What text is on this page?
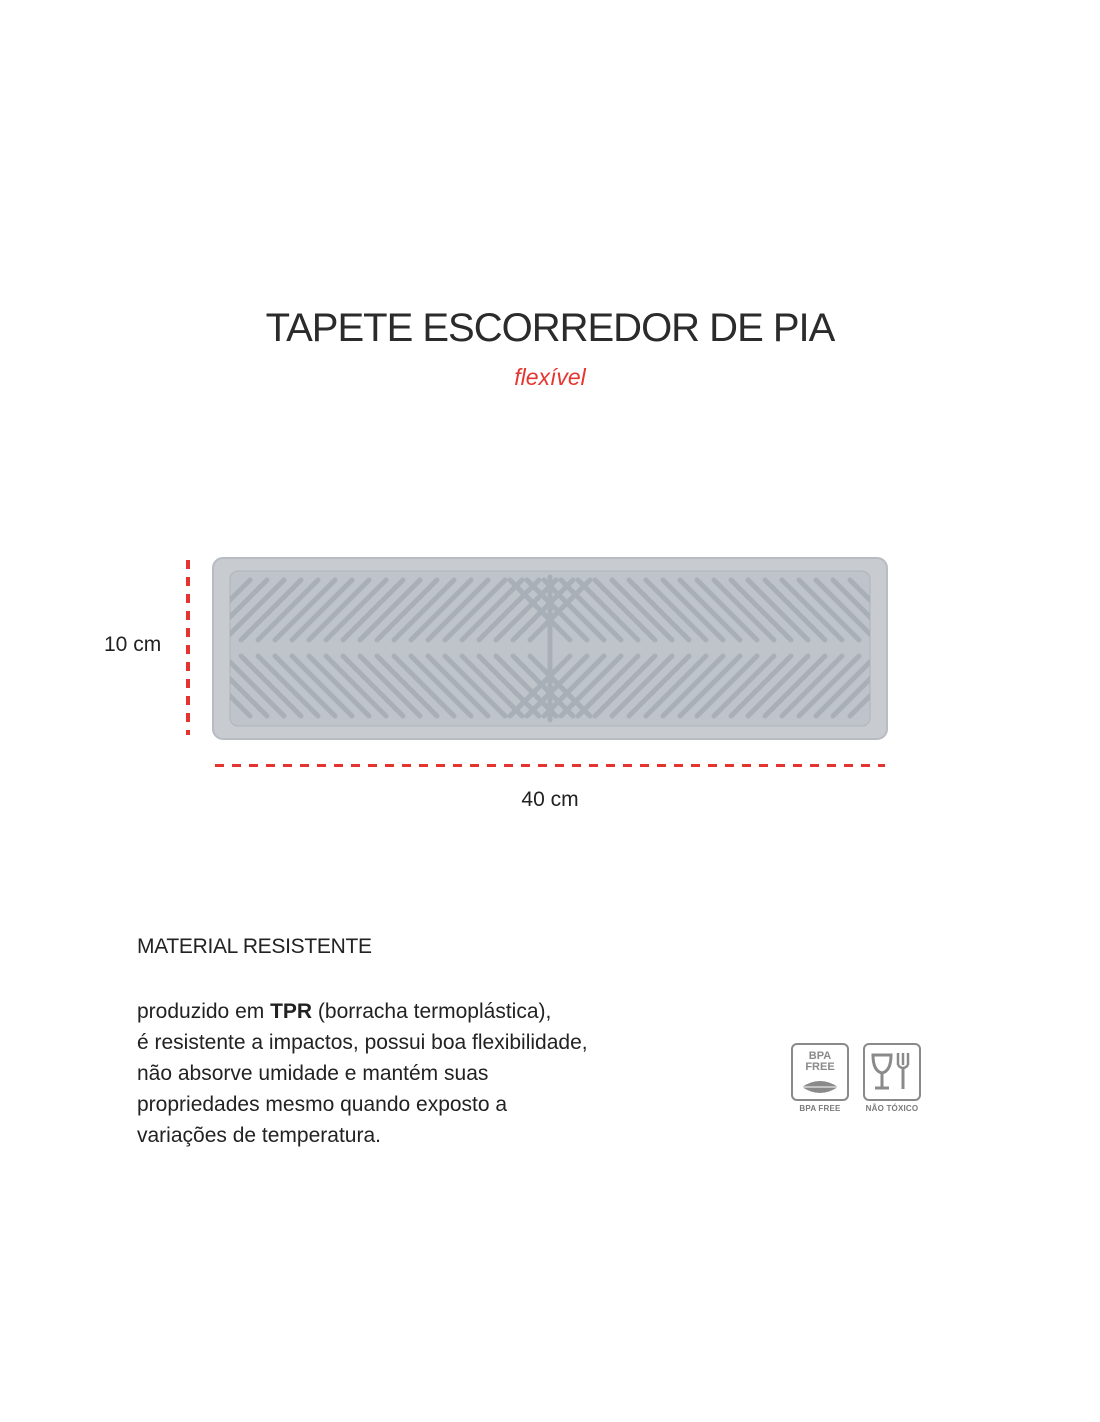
TAPETE ESCORREDOR DE PIA
flexível
10 cm
40 cm
MATERIAL RESISTENTE
produzido em TPR (borracha termoplástica),
é resistente a impactos, possui boa flexibilidade,
não absorve umidade e mantém suas
propriedades mesmo quando exposto a
variações de temperatura.
BPA
FREE
BPA FREE	NÃO TÓXICO
